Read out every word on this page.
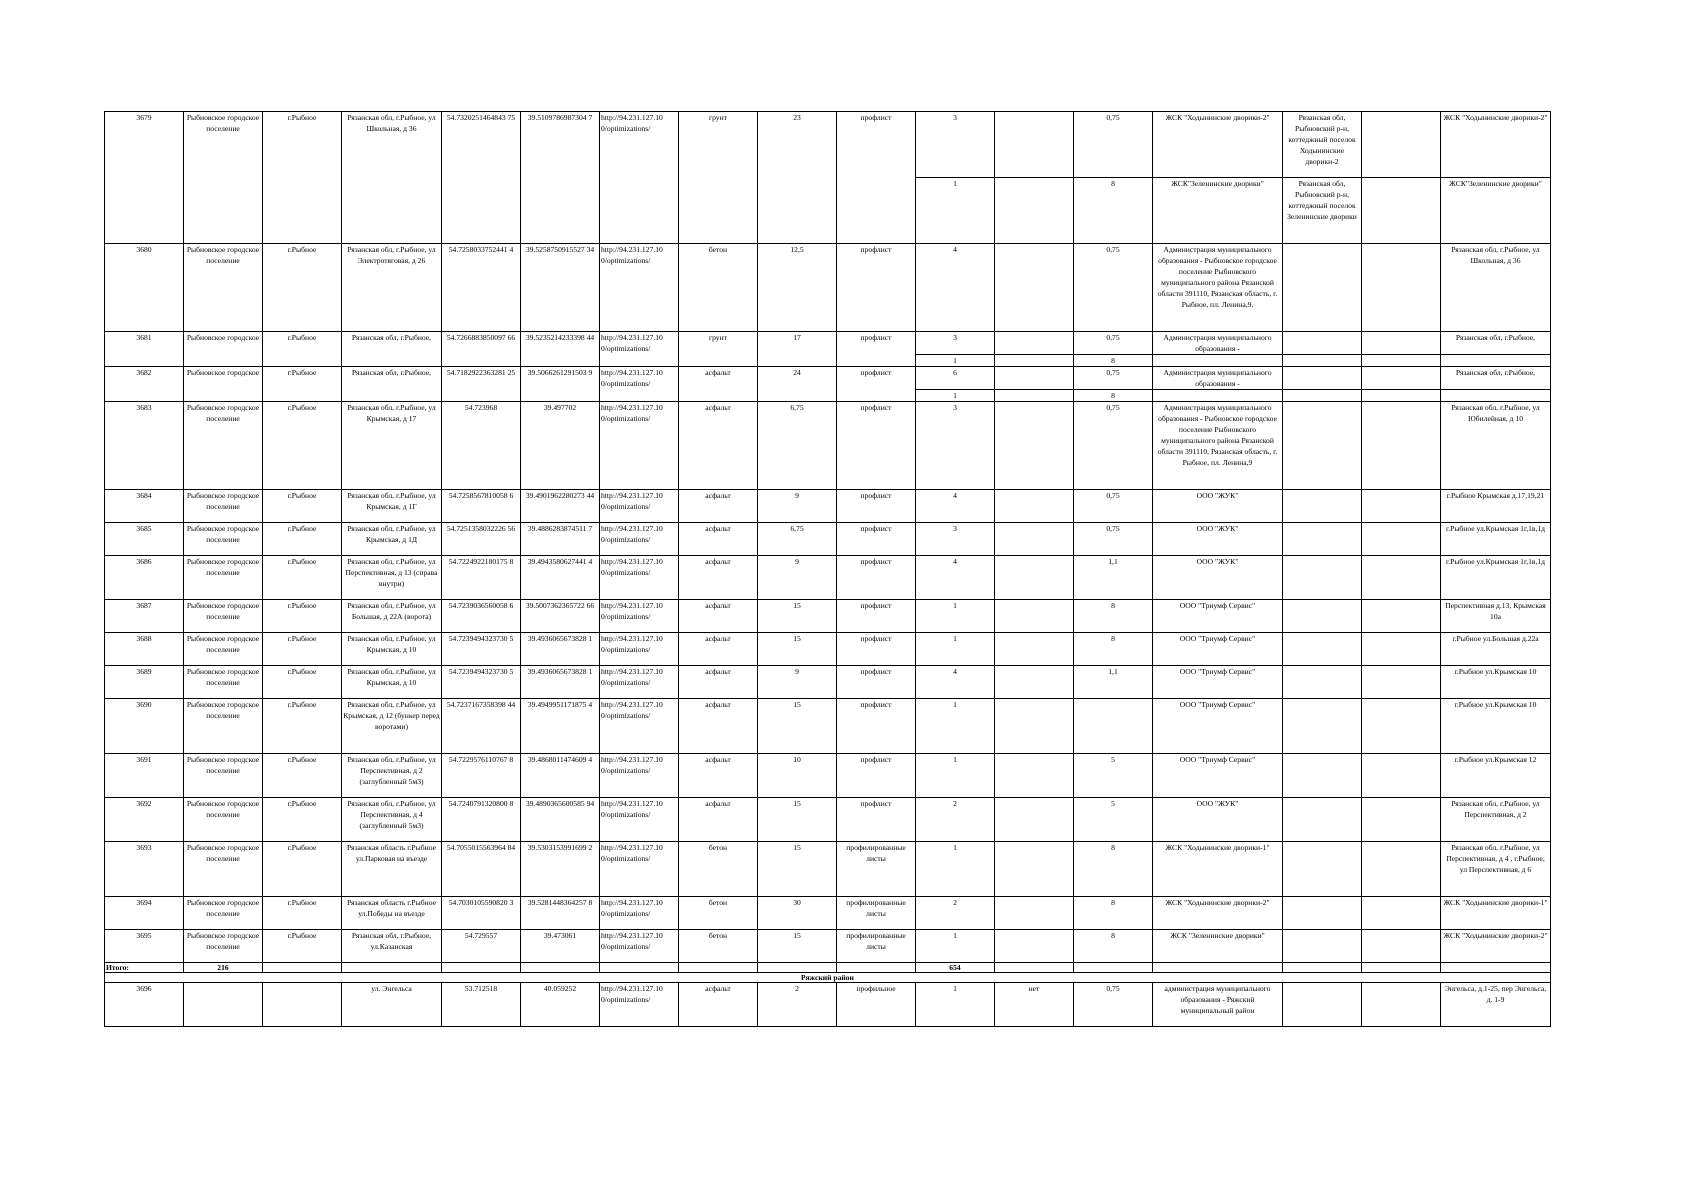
3679	Рыбновское городское поселение	г.Рыбное	Рязанская обл, г.Рыбное, ул Школьная, д 36	54.7320251464843 75	39.5109786987304 7	http://94.231.127.10 0/optimizations/	грунт	23	профлист	3		0,75	ЖСК "Ходынинские дворики-2"	Рязанская обл, Рыбновский р-н, коттеджный поселок Ходынинские дворики-2		ЖСК "Ходынинские дворики-2"
										1		8	ЖСК"Зеленинские дворики"	Рязанская обл, Рыбновский р-н, коттеджный поселок Зеленинские дворики		ЖСК"Зеленинские дворики"
3680	Рыбновское городское поселение	г.Рыбное	Рязанская обл, г.Рыбное, ул Электротяговая, д 26	54.7258033752441 4	39.5258750915527 34	http://94.231.127.10 0/optimizations/	бетон	12,5	профлист	4		0,75	Администрация муниципального образования - Рыбновское городское поселение Рыбновского муниципального района Рязанской области 391110, Рязанская область, г. Рыбное, пл. Ленина,9.			Рязанская обл, г.Рыбное, ул Школьная, д 36
3681	Рыбновское городское	г.Рыбное	Рязанская обл, г.Рыбное,	54.7266883850097 66	39.5235214233398 44	http://94.231.127.10 0/optimizations/	грунт	17	профлист	3		0,75	Администрация муниципального образования -			Рязанская обл, г.Рыбное,
										1		8				
3682	Рыбновское городское	г.Рыбное	Рязанская обл, г.Рыбное,	54.7182922363281 25	39.5066261291503 9	http://94.231.127.10 0/optimizations/	асфальт	24	профлист	6		0,75	Администрация муниципального образования -			Рязанская обл, г.Рыбное,
										1		8				
3683	Рыбновское городское поселение	г.Рыбное	Рязанская обл, г.Рыбное, ул Крымская, д 17	54.723968	39.497702	http://94.231.127.10 0/optimizations/	асфальт	6,75	профлист	3		0,75	Администрация муниципального образования - Рыбновское городское поселение Рыбновского муниципального района Рязанской области 391110, Рязанская область, г. Рыбное, пл. Ленина,9			Рязанская обл, г.Рыбное, ул Юбилейная, д 10
3684	Рыбновское городское поселение	г.Рыбное	Рязанская обл, г.Рыбное, ул Крымская, д 1Г	54.7258567810058 6	39.4901962280273 44	http://94.231.127.10 0/optimizations/	асфальт	9	профлист	4		0,75	ООО "ЖУК"			г.Рыбное Крымская д.17,19,21
3685	Рыбновское городское поселение	г.Рыбное	Рязанская обл, г.Рыбное, ул Крымская, д 1Д	54.7251358032226 56	39.4886283874511 7	http://94.231.127.10 0/optimizations/	асфальт	6,75	профлист	3		0,75	ООО "ЖУК"			г.Рыбное ул.Крымская 1г,1в,1д
3686	Рыбновское городское поселение	г.Рыбное	Рязанская обл, г.Рыбное, ул Перспективная, д 13 (справа внутри)	54.7224922180175 8	39.4943580627441 4	http://94.231.127.10 0/optimizations/	асфальт	9	профлист	4		1,1	ООО "ЖУК"			г.Рыбное ул.Крымская 1г,1в,1д
3687	Рыбновское городское поселение	г.Рыбное	Рязанская обл, г.Рыбное, ул Большая, д 22А (ворота)	54.7239036560058 6	39.5007362365722 66	http://94.231.127.10 0/optimizations/	асфальт	15	профлист	1		8	ООО "Триумф Сервис"			Перспективная д.13, Крымская 10а
3688	Рыбновское городское поселение	г.Рыбное	Рязанская обл, г.Рыбное, ул Крымская, д 10	54.7239494323730 5	39.4936065673828 1	http://94.231.127.10 0/optimizations/	асфальт	15	профлист	1		8	ООО "Триумф Сервис"			г.Рыбное ул.Большая д.22а
3689	Рыбновское городское поселение	г.Рыбное	Рязанская обл, г.Рыбное, ул Крымская, д 10	54.7239494323730 5	39.4936065673828 1	http://94.231.127.10 0/optimizations/	асфальт	9	профлист	4		1,1	ООО "Триумф Сервис"			г.Рыбное ул.Крымская 10
3690	Рыбновское городское поселение	г.Рыбное	Рязанская обл, г.Рыбное, ул Крымская, д 12 (бункер перед воротами)	54.7237167358398 44	39.4949951171875 4	http://94.231.127.10 0/optimizations/	асфальт	15	профлист	1			ООО "Триумф Сервис"			г.Рыбное ул.Крымская 10
3691	Рыбновское городское поселение	г.Рыбное	Рязанская обл, г.Рыбное, ул Перспективная, д 2 (заглубленный 5м3)	54.7229576110767 8	39.4868011474609 4	http://94.231.127.10 0/optimizations/	асфальт	10	профлист	1		5	ООО "Триумф Сервис"			г.Рыбное ул.Крымская 12
3692	Рыбновское городское поселение	г.Рыбное	Рязанская обл, г.Рыбное, ул Перспективная, д 4 (заглубленный 5м3)	54.7240791320800 8	39.4890365600585 94	http://94.231.127.10 0/optimizations/	асфальт	15	профлист	2		5	ООО "ЖУК"			Рязанская обл, г.Рыбное, ул Перспективная, д 2
3693	Рыбновское городское поселение	г.Рыбное	Рязанская область г.Рыбное ул.Парковая на въезде	54.7055015563964 84	39.5303153991699 2	http://94.231.127.10 0/optimizations/	бетон	15	профилированные листы	1		8	ЖСК "Ходынинские дворики-1"			Рязанская обл, г.Рыбное, ул Перспективная, д 4 , г.Рыбное, ул Перспективная, д 6
3694	Рыбновское городское поселение	г.Рыбное	Рязанская область г.Рыбное ул.Победы на въезде	54.7030105590820 3	39.5281448364257 8	http://94.231.127.10 0/optimizations/	бетон	30	профилированные листы	2		8	ЖСК "Ходынинские дворики-2"			ЖСК "Ходынинские дворики-1"
3695	Рыбновское городское поселение	г.Рыбное	Рязанская обл, г.Рыбное, ул.Казанская	54.729557	39.473061	http://94.231.127.10 0/optimizations/	бетон	15	профилированные листы	1		8	ЖСК "Зеленинские дворики"			ЖСК "Ходынинские дворики-2"
Итого:	216									654						
Ряжский район																
3696			ул. Энгельса	53.712518	40.059252	http://94.231.127.10 0/optimizations/	асфальт	2	профильное	1	нет	0,75	администрация муниципального образования - Ряжский муниципальный район			Энгельса, д.1-25, пер Энгельса, д. 1-9
